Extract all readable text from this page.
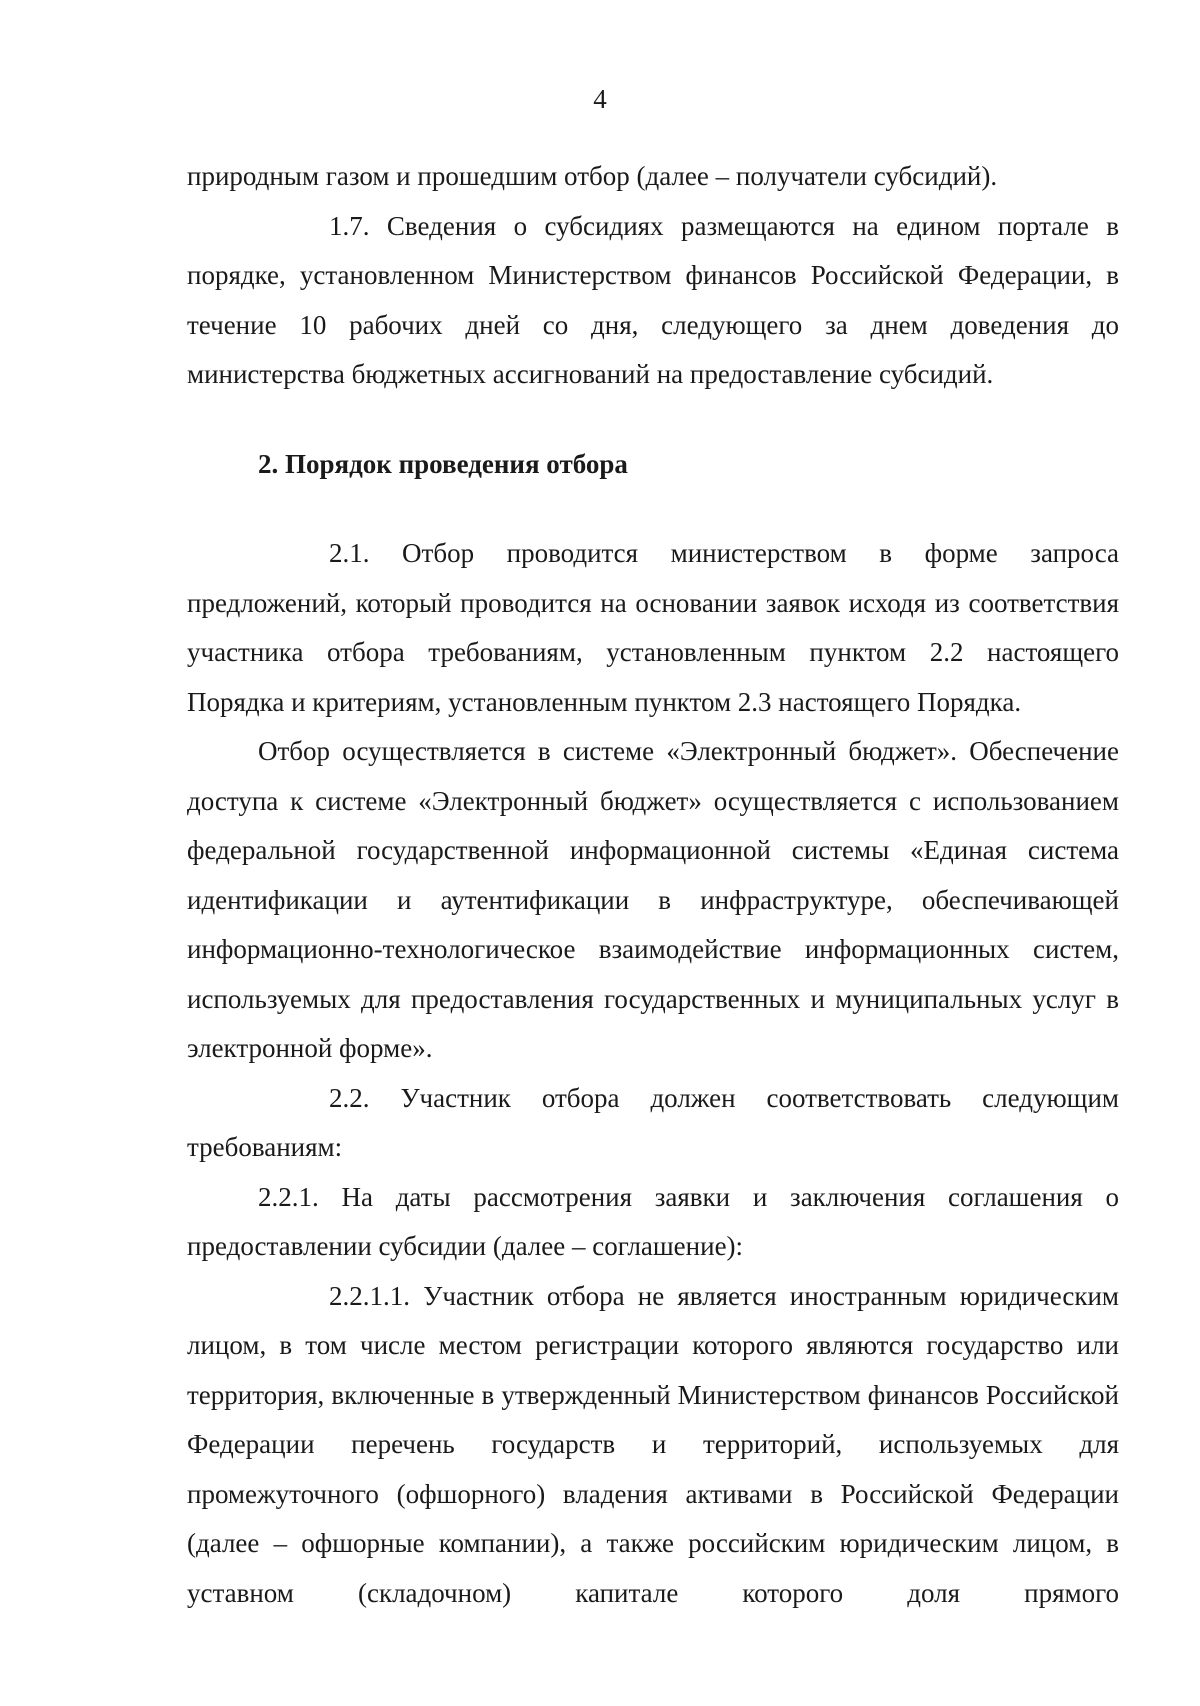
4

природным газом и прошедшим отбор (далее – получатели субсидий).

1.7. Сведения о субсидиях размещаются на едином портале в порядке, установленном Министерством финансов Российской Федерации, в течение 10 рабочих дней со дня, следующего за днем доведения до министерства бюджетных ассигнований на предоставление субсидий.

2. Порядок проведения отбора

2.1. Отбор проводится министерством в форме запроса предложений, который проводится на основании заявок исходя из соответствия участника отбора требованиям, установленным пунктом 2.2 настоящего Порядка и критериям, установленным пунктом 2.3 настоящего Порядка.

Отбор осуществляется в системе «Электронный бюджет». Обеспечение доступа к системе «Электронный бюджет» осуществляется с использованием федеральной государственной информационной системы «Единая система идентификации и аутентификации в инфраструктуре, обеспечивающей информационно-технологическое взаимодействие информационных систем, используемых для предоставления государственных и муниципальных услуг в электронной форме».

2.2. Участник отбора должен соответствовать следующим требованиям:

2.2.1. На даты рассмотрения заявки и заключения соглашения о предоставлении субсидии (далее – соглашение):

2.2.1.1. Участник отбора не является иностранным юридическим лицом, в том числе местом регистрации которого являются государство или территория, включенные в утвержденный Министерством финансов Российской Федерации перечень государств и территорий, используемых для промежуточного (офшорного) владения активами в Российской Федерации (далее – офшорные компании), а также российским юридическим лицом, в уставном (складочном) капитале которого доля прямого
